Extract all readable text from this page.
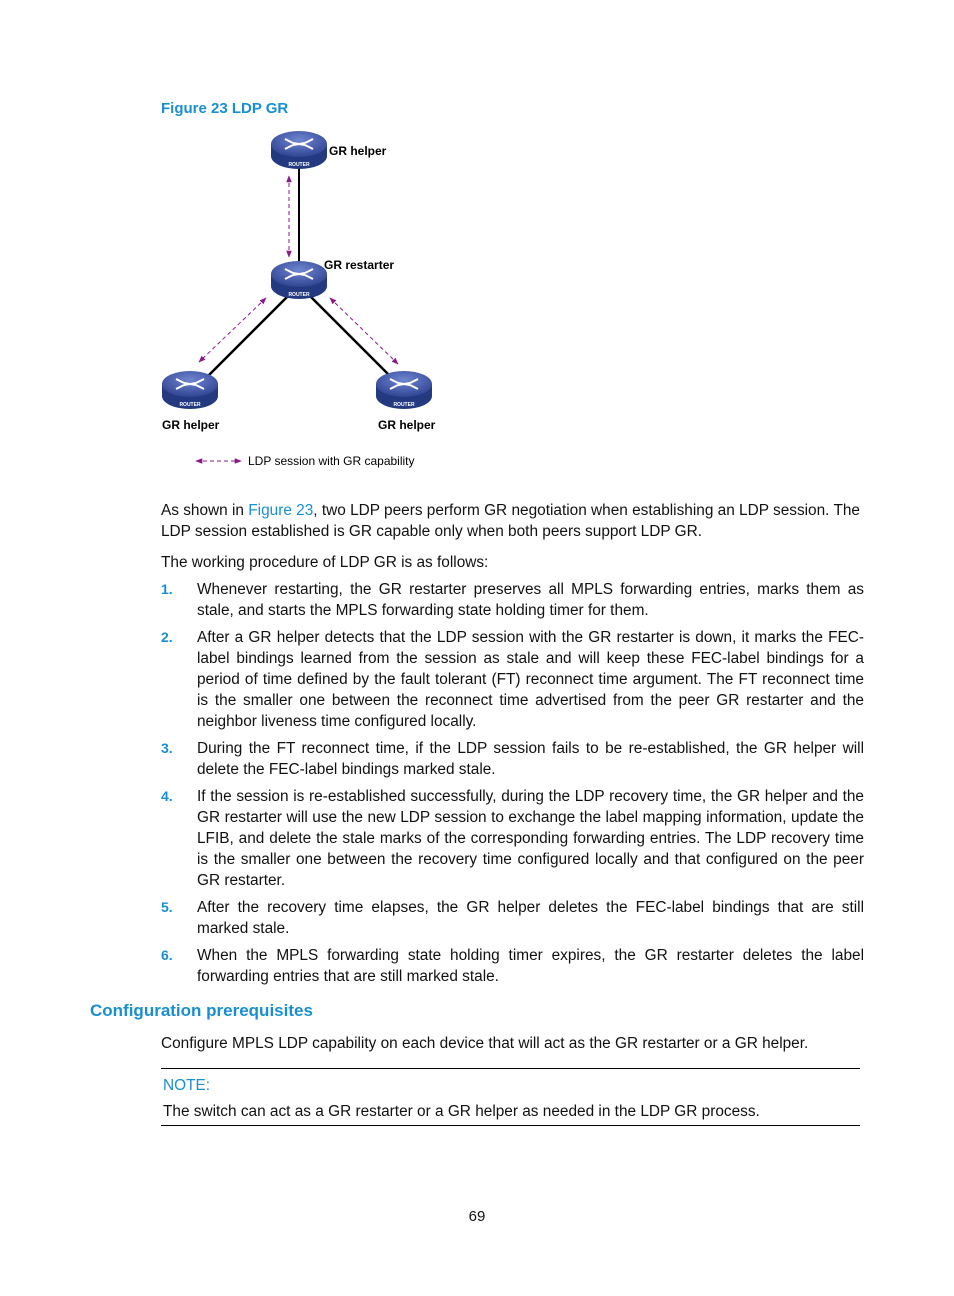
Figure 23 LDP GR
ROUTER
GR helper
ROUTER
GR restarter
ROUTER
GR helper
ROUTER
GR helper
LDP session with GR capability
As shown in Figure 23, two LDP peers perform GR negotiation when establishing an LDP session. The LDP session established is GR capable only when both peers support LDP GR.
The working procedure of LDP GR is as follows:
1. Whenever restarting, the GR restarter preserves all MPLS forwarding entries, marks them as stale, and starts the MPLS forwarding state holding timer for them.
2. After a GR helper detects that the LDP session with the GR restarter is down, it marks the FEC-label bindings learned from the session as stale and will keep these FEC-label bindings for a period of time defined by the fault tolerant (FT) reconnect time argument. The FT reconnect time is the smaller one between the reconnect time advertised from the peer GR restarter and the neighbor liveness time configured locally.
3. During the FT reconnect time, if the LDP session fails to be re-established, the GR helper will delete the FEC-label bindings marked stale.
4. If the session is re-established successfully, during the LDP recovery time, the GR helper and the GR restarter will use the new LDP session to exchange the label mapping information, update the LFIB, and delete the stale marks of the corresponding forwarding entries. The LDP recovery time is the smaller one between the recovery time configured locally and that configured on the peer GR restarter.
5. After the recovery time elapses, the GR helper deletes the FEC-label bindings that are still marked stale.
6. When the MPLS forwarding state holding timer expires, the GR restarter deletes the label forwarding entries that are still marked stale.
Configuration prerequisites
Configure MPLS LDP capability on each device that will act as the GR restarter or a GR helper.
NOTE:
The switch can act as a GR restarter or a GR helper as needed in the LDP GR process.
69
